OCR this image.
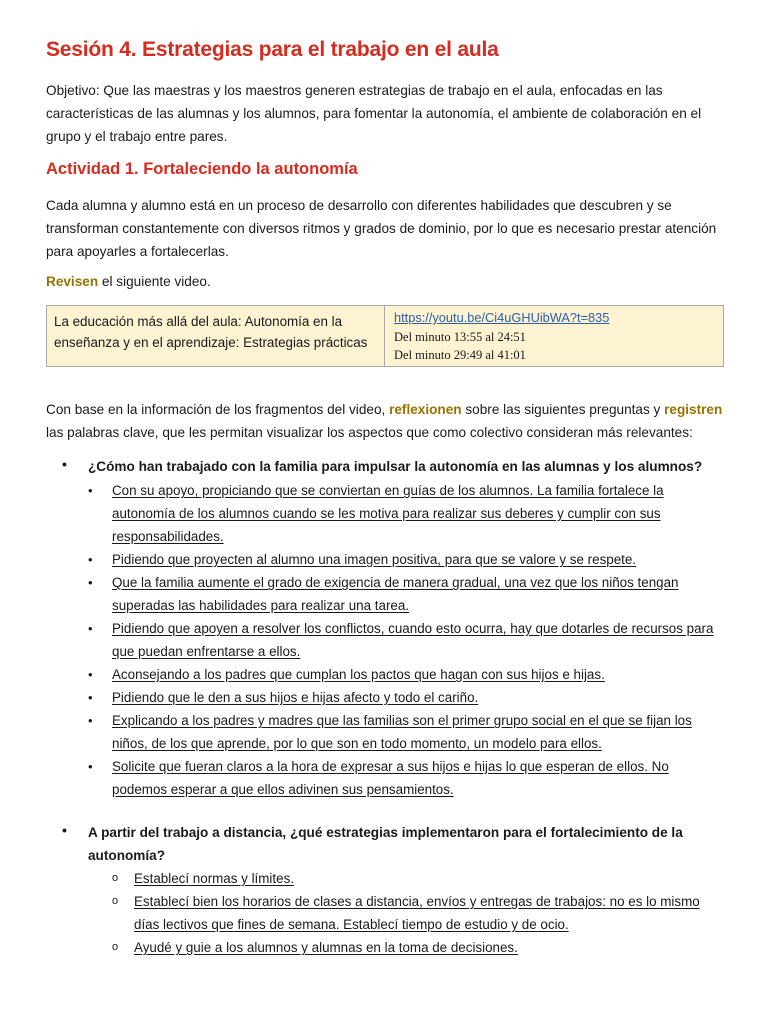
Sesión 4. Estrategias para el trabajo en el aula

Objetivo: Que las maestras y los maestros generen estrategias de trabajo en el aula, enfocadas en las características de las alumnas y los alumnos, para fomentar la autonomía, el ambiente de colaboración en el grupo y el trabajo entre pares.

Actividad 1. Fortaleciendo la autonomía

Cada alumna y alumno está en un proceso de desarrollo con diferentes habilidades que descubren y se transforman constantemente con diversos ritmos y grados de dominio, por lo que es necesario prestar atención para apoyarles a fortalecerlas.

Revisen el siguiente video.

La educación más allá del aula: Autonomía en la enseñanza y en el aprendizaje: Estrategias prácticas
https://youtu.be/Ci4uGHUibWA?t=835
Del minuto 13:55 al 24:51
Del minuto 29:49 al 41:01

Con base en la información de los fragmentos del video, reflexionen sobre las siguientes preguntas y registren las palabras clave, que les permitan visualizar los aspectos que como colectivo consideran más relevantes:

• ¿Cómo han trabajado con la familia para impulsar la autonomía en las alumnas y los alumnos?

• Con su apoyo, propiciando que se conviertan en guías de los alumnos. La familia fortalece la autonomía de los alumnos cuando se les motiva para realizar sus deberes y cumplir con sus responsabilidades.
• Pidiendo que proyecten al alumno una imagen positiva, para que se valore y se respete.
• Que la familia aumente el grado de exigencia de manera gradual, una vez que los niños tengan superadas las habilidades para realizar una tarea.
• Pidiendo que apoyen a resolver los conflictos, cuando esto ocurra, hay que dotarles de recursos para que puedan enfrentarse a ellos.
• Aconsejando a los padres que cumplan los pactos que hagan con sus hijos e hijas.
• Pidiendo que le den a sus hijos e hijas afecto y todo el cariño.
• Explicando a los padres y madres que las familias son el primer grupo social en el que se fijan los niños, de los que aprende, por lo que son en todo momento, un modelo para ellos.
• Solicite que fueran claros a la hora de expresar a sus hijos e hijas lo que esperan de ellos. No podemos esperar a que ellos adivinen sus pensamientos.
• A partir del trabajo a distancia, ¿qué estrategias implementaron para el fortalecimiento de la autonomía?

o Establecí normas y límites.
o Establecí bien los horarios de clases a distancia, envíos y entregas de trabajos: no es lo mismo días lectivos que fines de semana. Establecí tiempo de estudio y de ocio.
o Ayudé y guie a los alumnos y alumnas en la toma de decisiones.
